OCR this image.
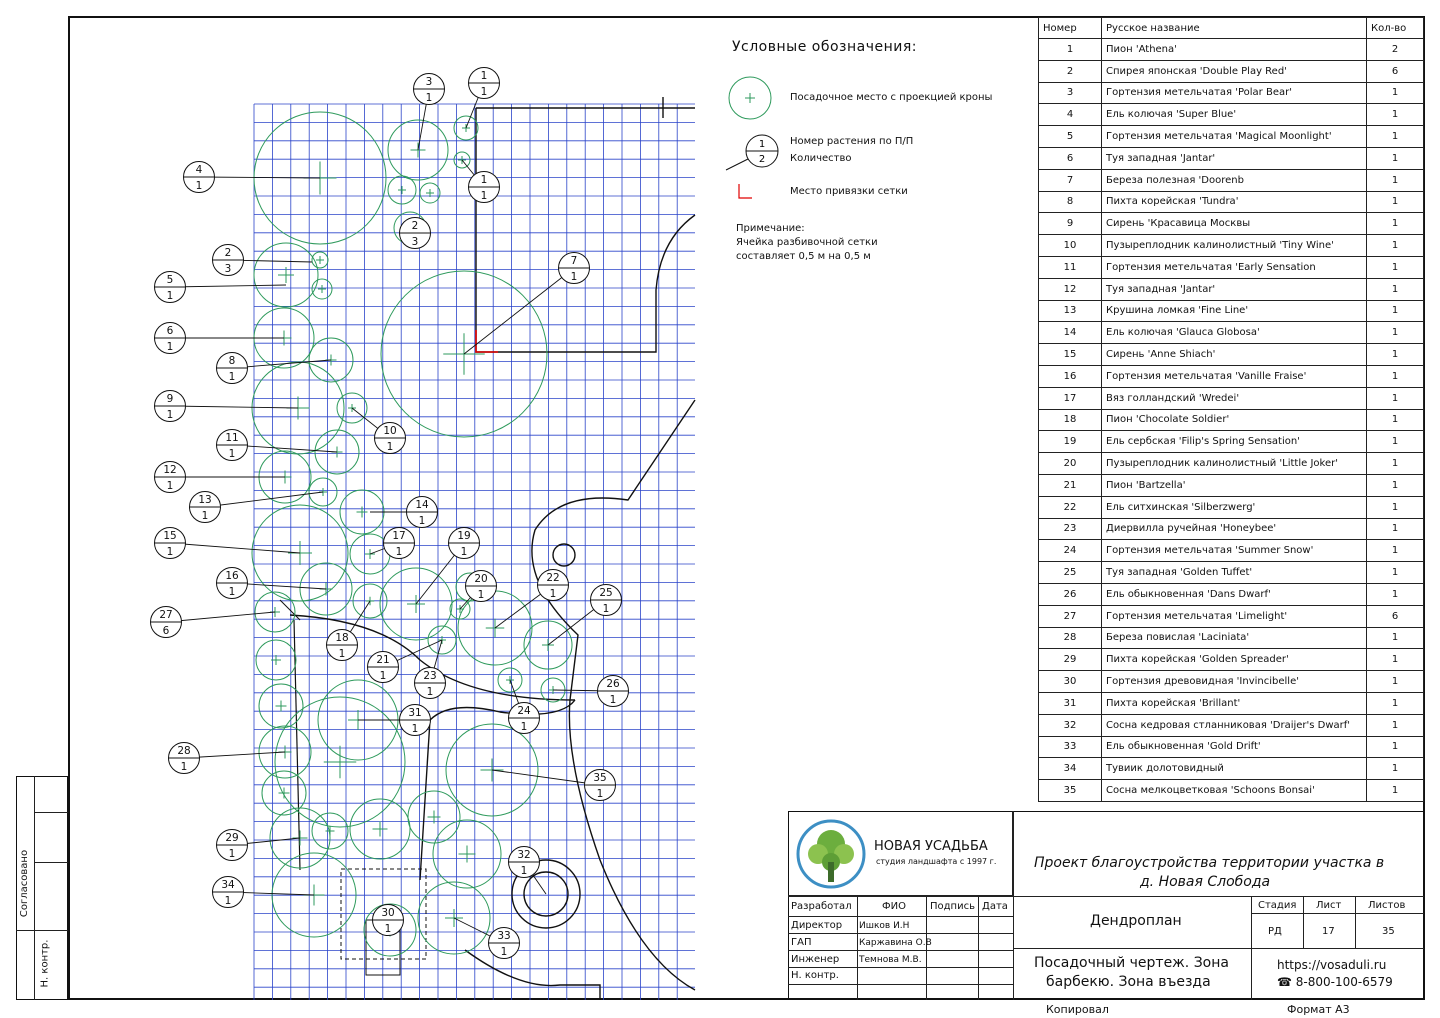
1
1
3
1
4
1
2
3
1
1
2
3
7
1
5
1
6
1
8
1
9
1
10
1
11
1
12
1
13
1
14
1
15
1
17
1
19
1
16
1
20
1
22
1	25
1
27
6
18
1	21
1	23
1
26
1
24
1
31
1
28
1
35
1
29
1	32
1
34
1
30
1
33
1
Условные обозначения:
Посадочное место с проекцией кроны
1
2
Номер растения по П/П
Количество
Место привязки сетки
Примечание:
Ячейка разбивочной сетки
составляет 0,5 м на 0,5 м
Номер	Русское название	Кол-во
1	Пион 'Athena'	2
2	Спирея японская 'Double Play Red'	6
3	Гортензия метельчатая 'Polar Bear'	1
4	Ель колючая 'Super Blue'	1
5	Гортензия метельчатая 'Magical Moonlight'	1
6	Туя западная 'Jantar'	1
7	Береза полезная 'Doorenb	1
8	Пихта корейская 'Tundra'	1
9	Сирень 'Красавица Москвы	1
10	Пузыреплодник калинолистный 'Tiny Wine'	1
11	Гортензия метельчатая 'Early Sensation	1
12	Туя западная 'Jantar'	1
13	Крушина ломкая 'Fine Line'	1
14	Ель колючая 'Glauca Globosa'	1
15	Сирень 'Anne Shiach'	1
16	Гортензия метельчатая 'Vanille Fraise'	1
17	Вяз голландский 'Wredei'	1
18	Пион 'Chocolate Soldier'	1
19	Ель сербская 'Filip's Spring Sensation'	1
20	Пузыреплодник калинолистный 'Little Joker'	1
21	Пион 'Bartzella'	1
22	Ель ситхинская 'Silberzwerg'	1
23	Диервилла ручейная 'Honeybee'	1
24	Гортензия метельчатая 'Summer Snow'	1
25	Туя западная 'Golden Tuffet'	1
26	Ель обыкновенная 'Dans Dwarf'	1
27	Гортензия метельчатая 'Limelight'	6
28	Береза повислая 'Laciniata'	1
29	Пихта корейская 'Golden Spreader'	1
30	Гортензия древовидная 'Invincibelle'	1
31	Пихта корейская 'Brillant'	1
32	Сосна кедровая стланниковая 'Draijer's Dwarf'	1
33	Ель обыкновенная 'Gold Drift'	1
34	Тувиик долотовидный	1
35	Сосна мелкоцветковая 'Schoons Bonsai'	1
Согласовано
Н. контр.
НОВАЯ УСАДЬБА
студия ландшафта с 1997 г.	Проект благоустройства территории участка в
д. Новая Слобода
Разработал	ФИО Подпись Дата
Директор Ишков И.Н
ГАП	Каржавина О.В
Инженер Темнова М.В.
Н. контр.
Дендроплан
Стадия Лист	Листов
РД	17	35
Посадочный чертеж. Зона
барбекю. Зона въезда
https://vosaduli.ru
☎ 8-800-100-6579
Копировал	Формат А3
